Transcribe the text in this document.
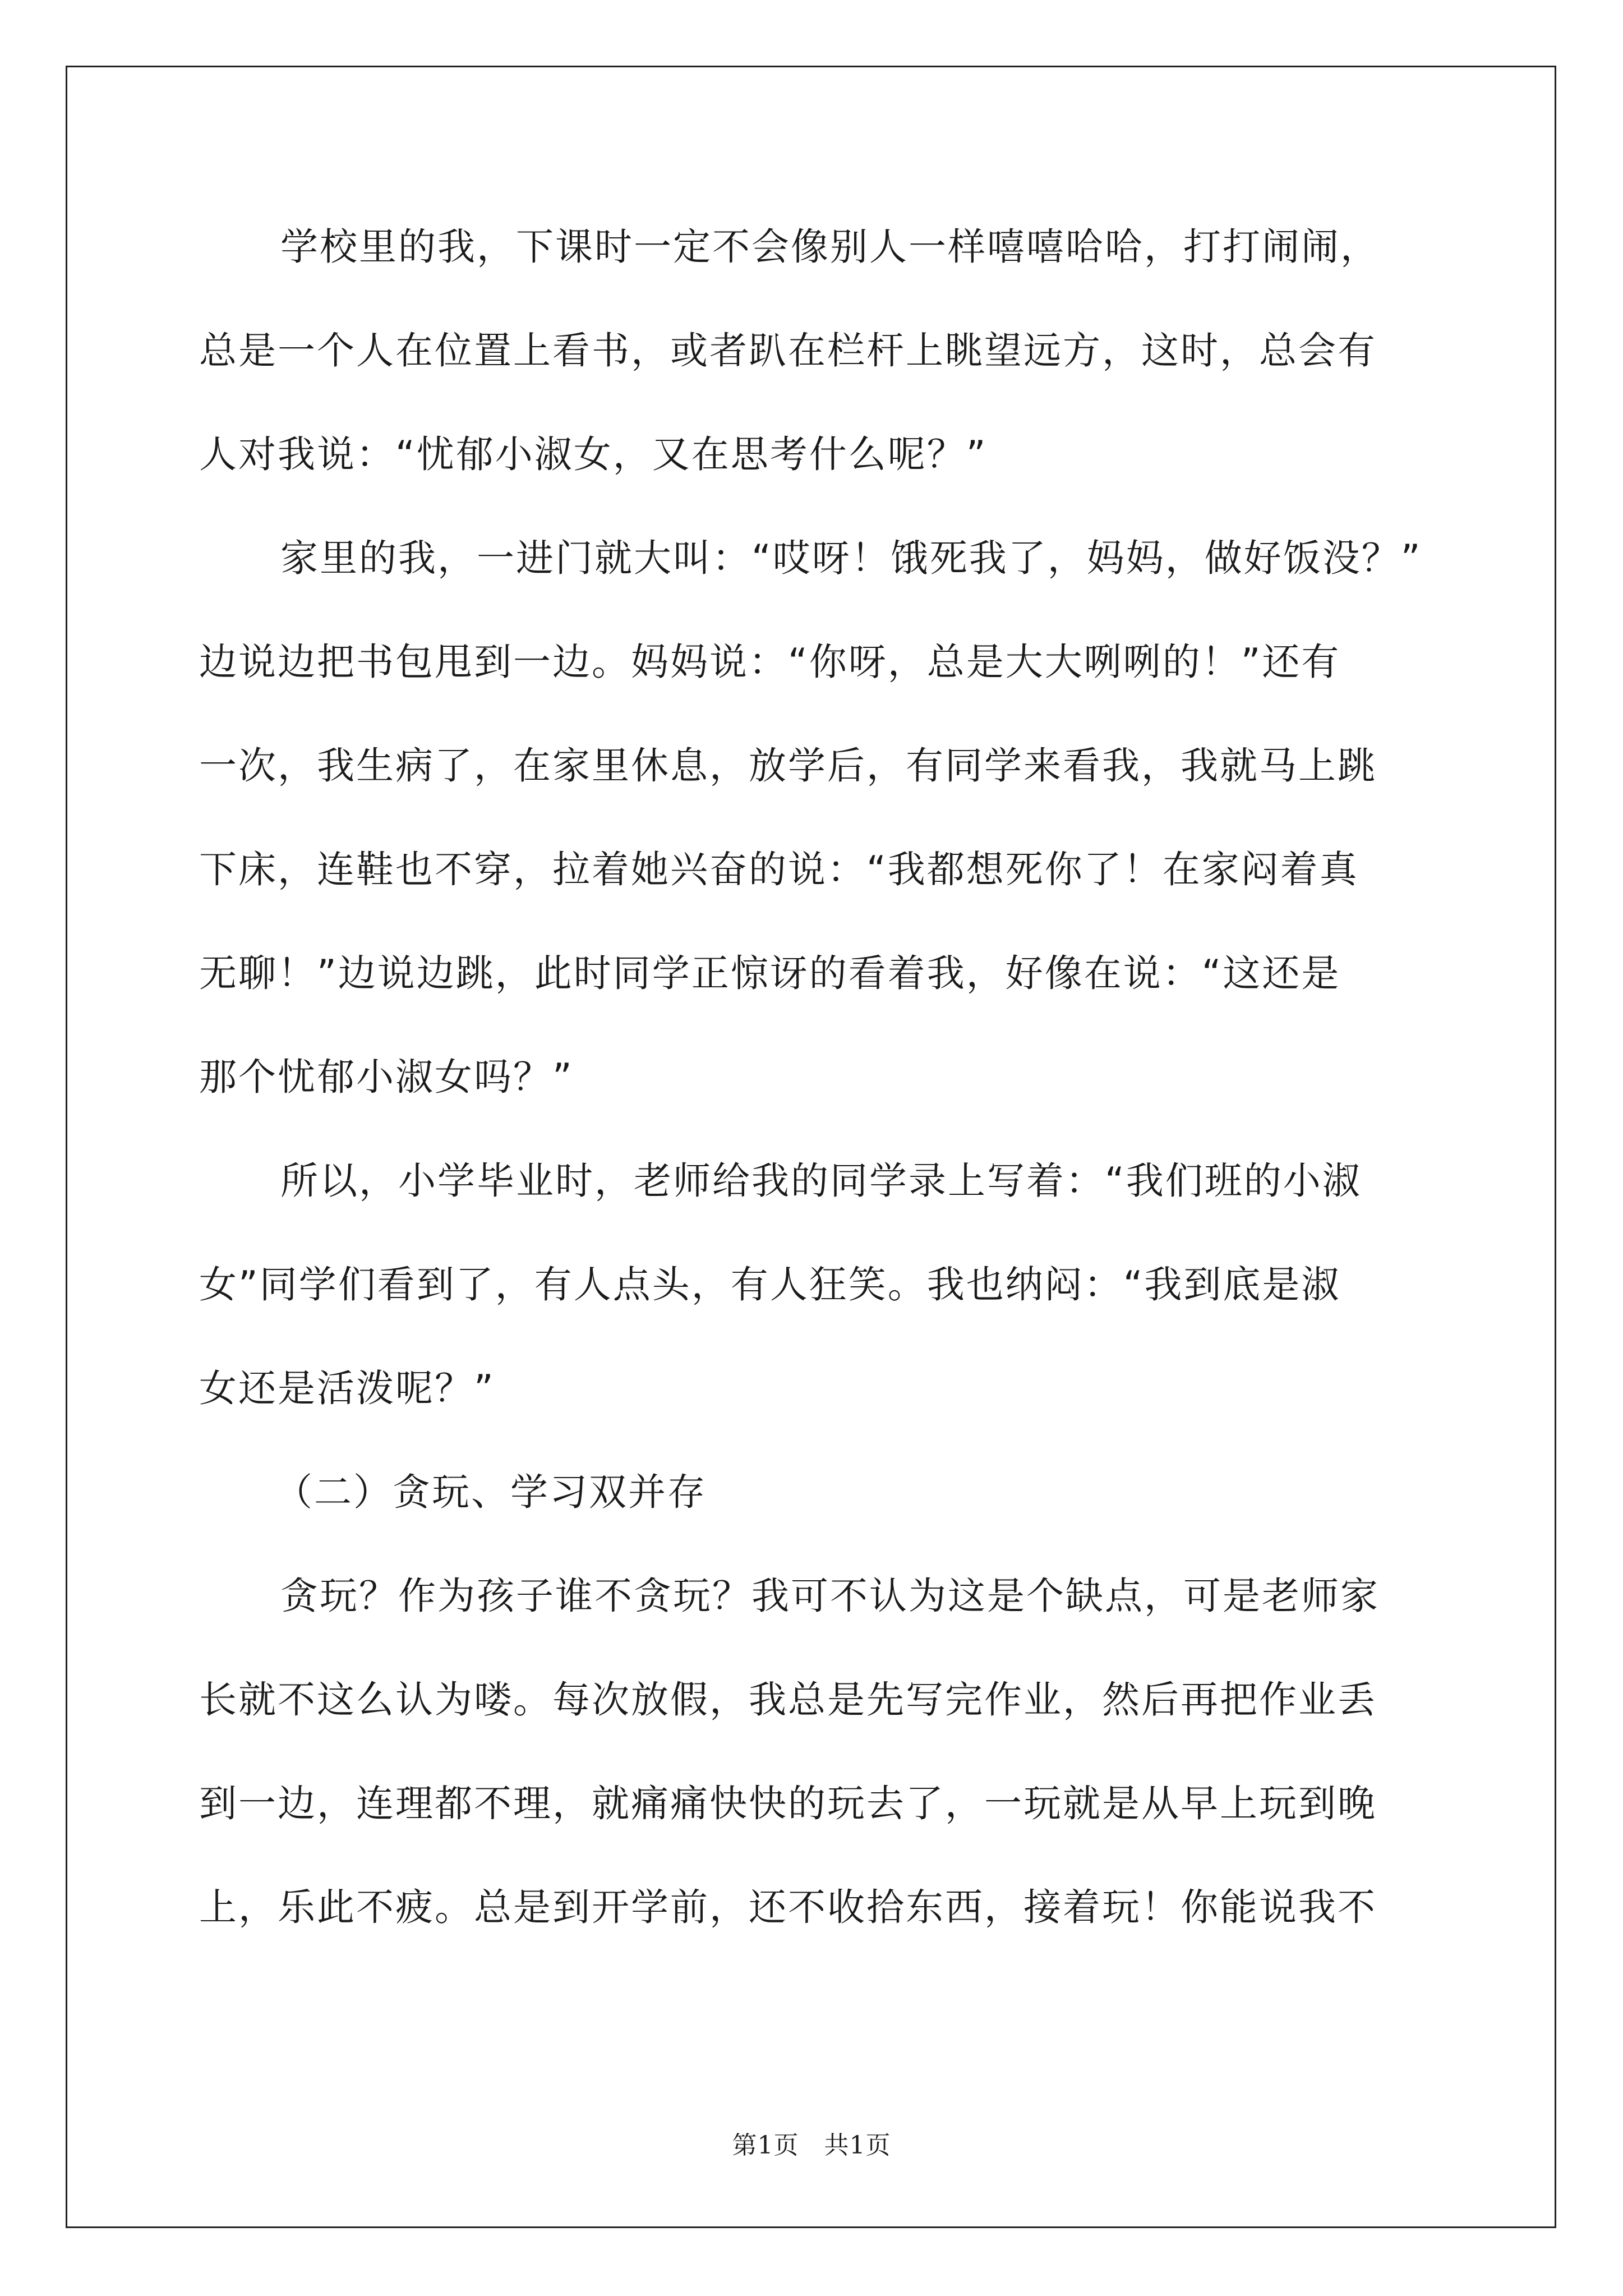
学校里的我，下课时一定不会像别人一样嘻嘻哈哈，打打闹闹，
总是一个人在位置上看书，或者趴在栏杆上眺望远方，这时，总会有
人对我说：“忧郁小淑女，又在思考什么呢？”
家里的我，一进门就大叫：“哎呀！饿死我了，妈妈，做好饭没？”
边说边把书包甩到一边。妈妈说：“你呀，总是大大咧咧的！”还有
一次，我生病了，在家里休息，放学后，有同学来看我，我就马上跳
下床，连鞋也不穿，拉着她兴奋的说：“我都想死你了！在家闷着真
无聊！”边说边跳，此时同学正惊讶的看着我，好像在说：“这还是
那个忧郁小淑女吗？”
所以，小学毕业时，老师给我的同学录上写着：“我们班的小淑
女”同学们看到了，有人点头，有人狂笑。我也纳闷：“我到底是淑
女还是活泼呢？”
（二）贪玩、学习双并存
贪玩？作为孩子谁不贪玩？我可不认为这是个缺点，可是老师家
长就不这么认为喽。每次放假，我总是先写完作业，然后再把作业丢
到一边，连理都不理，就痛痛快快的玩去了，一玩就是从早上玩到晚
上，乐此不疲。总是到开学前，还不收拾东西，接着玩！你能说我不
第1页　共1页
